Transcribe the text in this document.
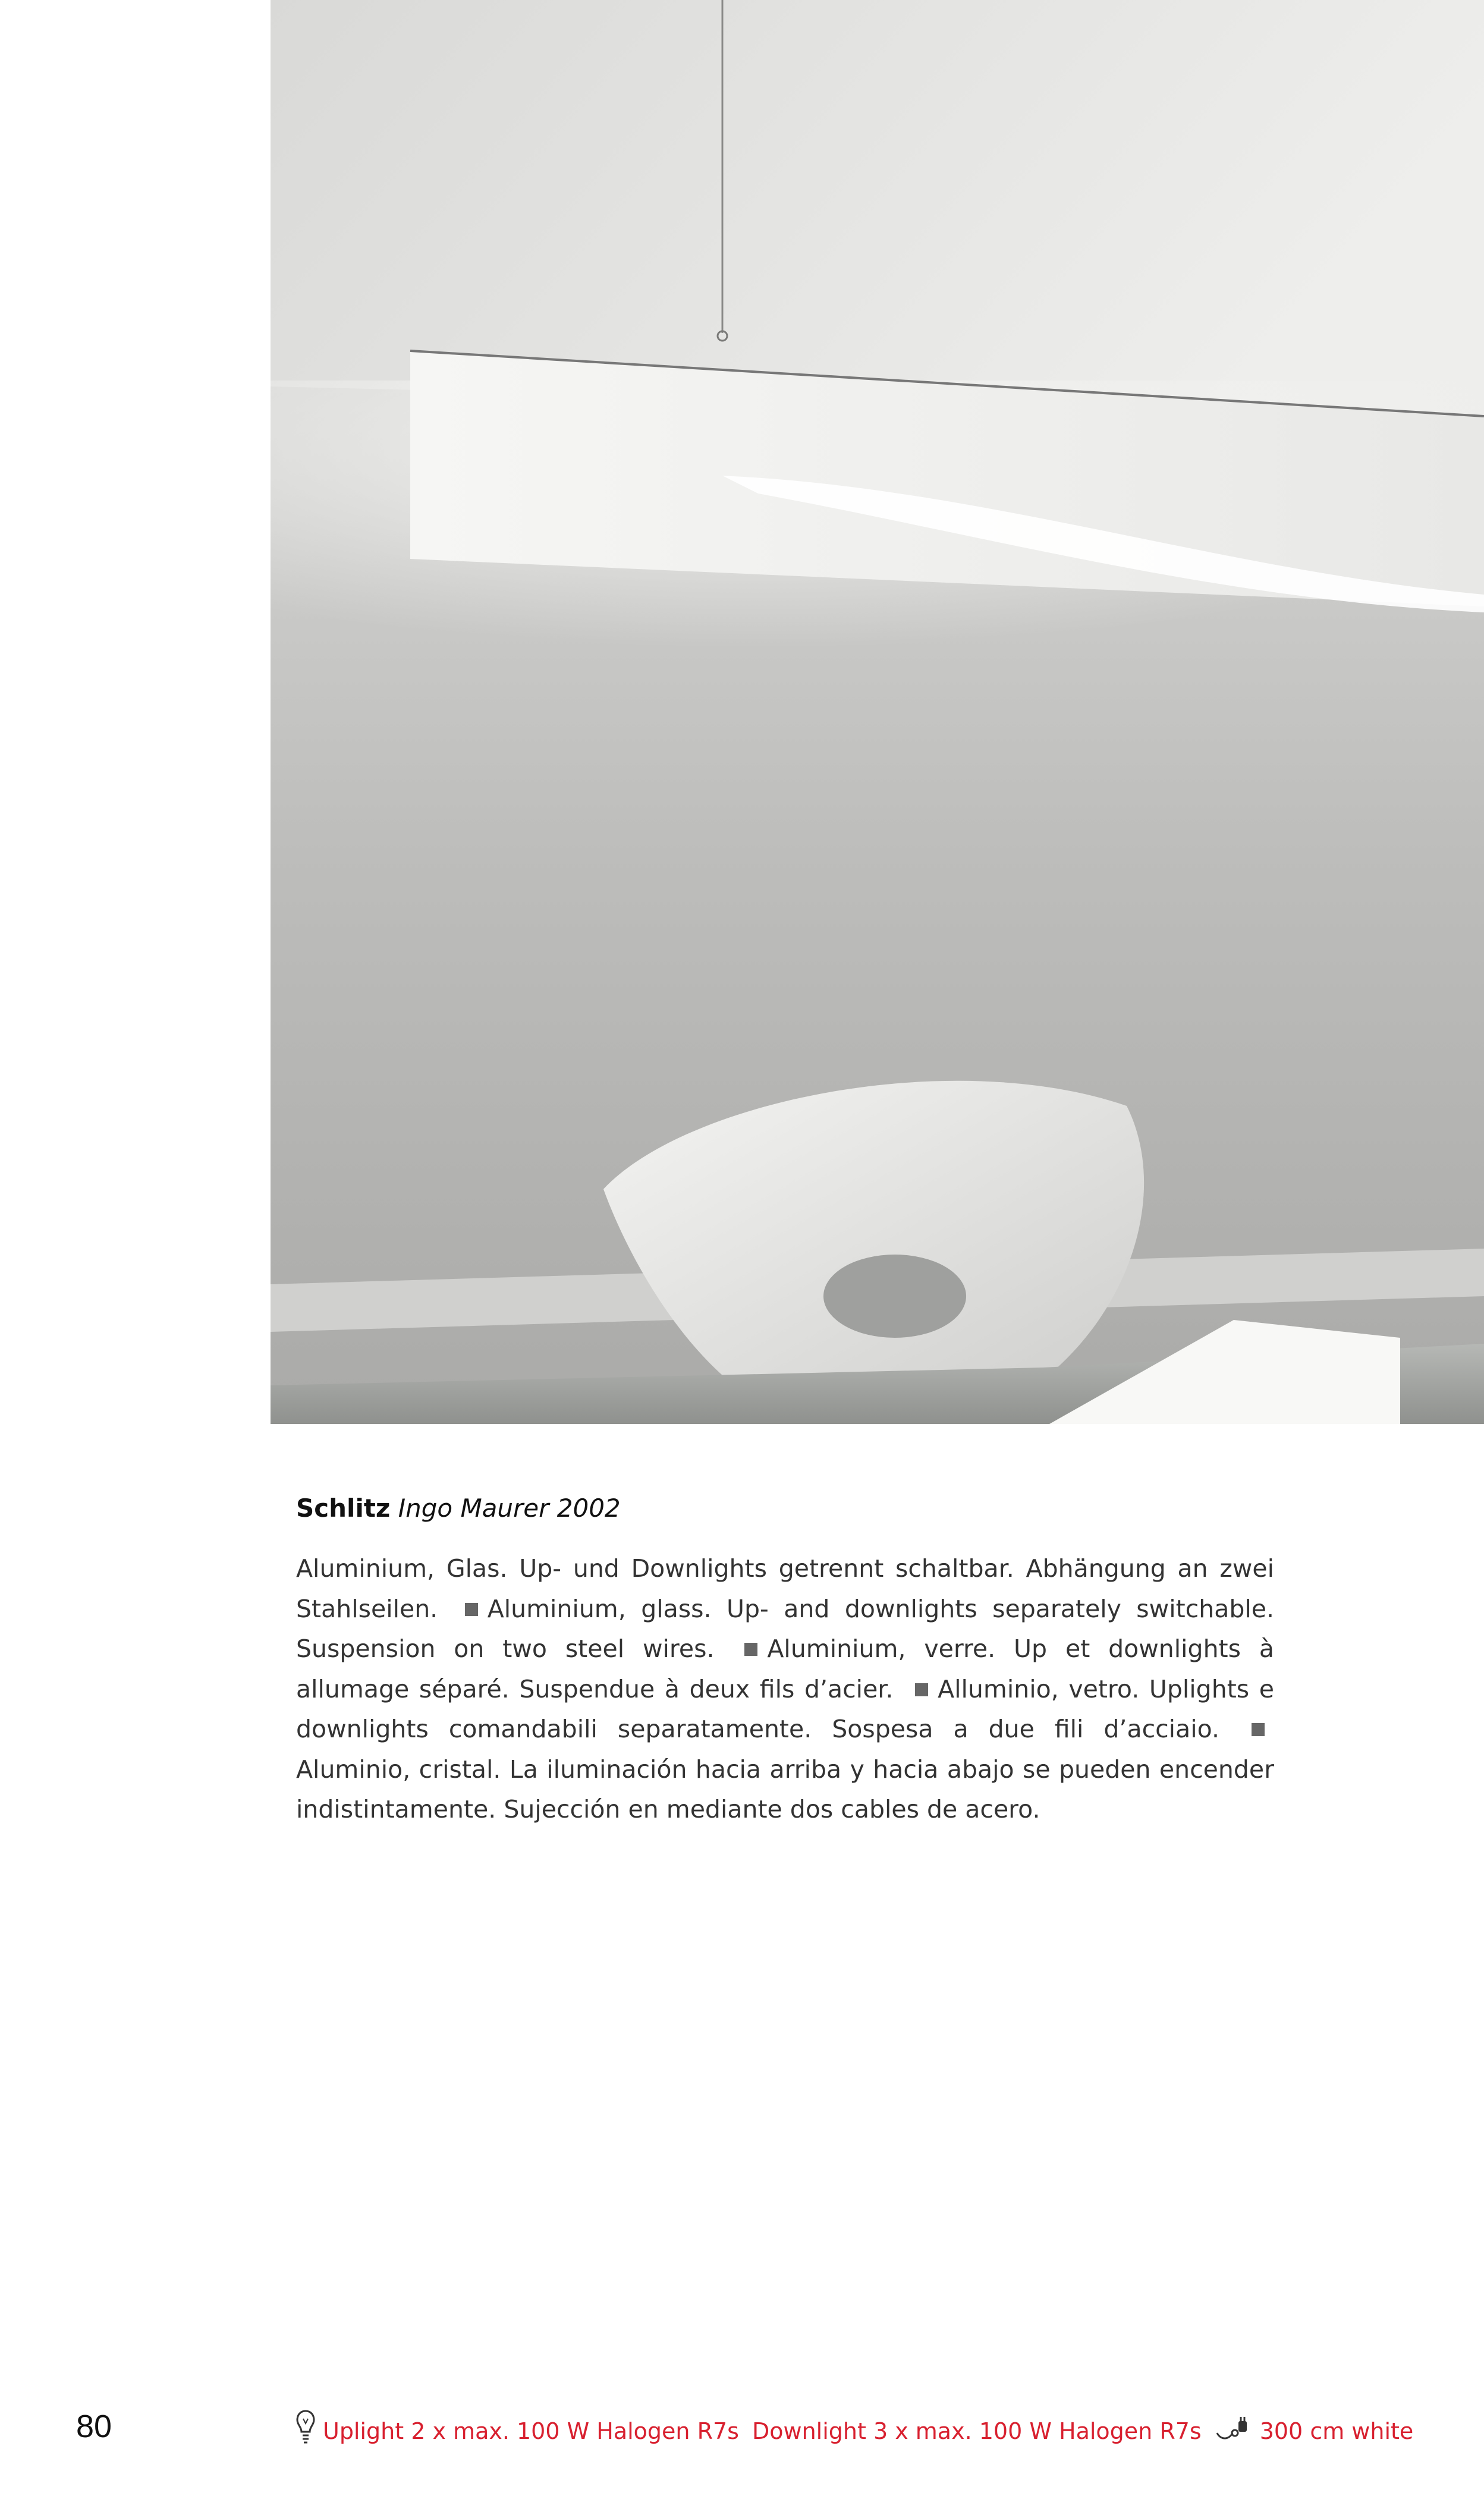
Schlitz Ingo Maurer 2002
Aluminium, Glas. Up- und Downlights getrennt schaltbar. Abhängung an zwei Stahlseilen. Aluminium, glass. Up- and downlights separately switchable. Suspension on two steel wires. Aluminium, verre. Up et downlights à allumage séparé. Suspendue à deux fils d’acier. Alluminio, vetro. Uplights e downlights comandabili separatamente. Sospesa a due fili d’acciaio. Aluminio, cristal. La iluminación hacia arriba y hacia abajo se pueden encender indistintamente. Sujección en mediante dos cables de acero.
80	Uplight 2 x max. 100 W Halogen R7s Downlight 3 x max. 100 W Halogen R7s	300 cm white
